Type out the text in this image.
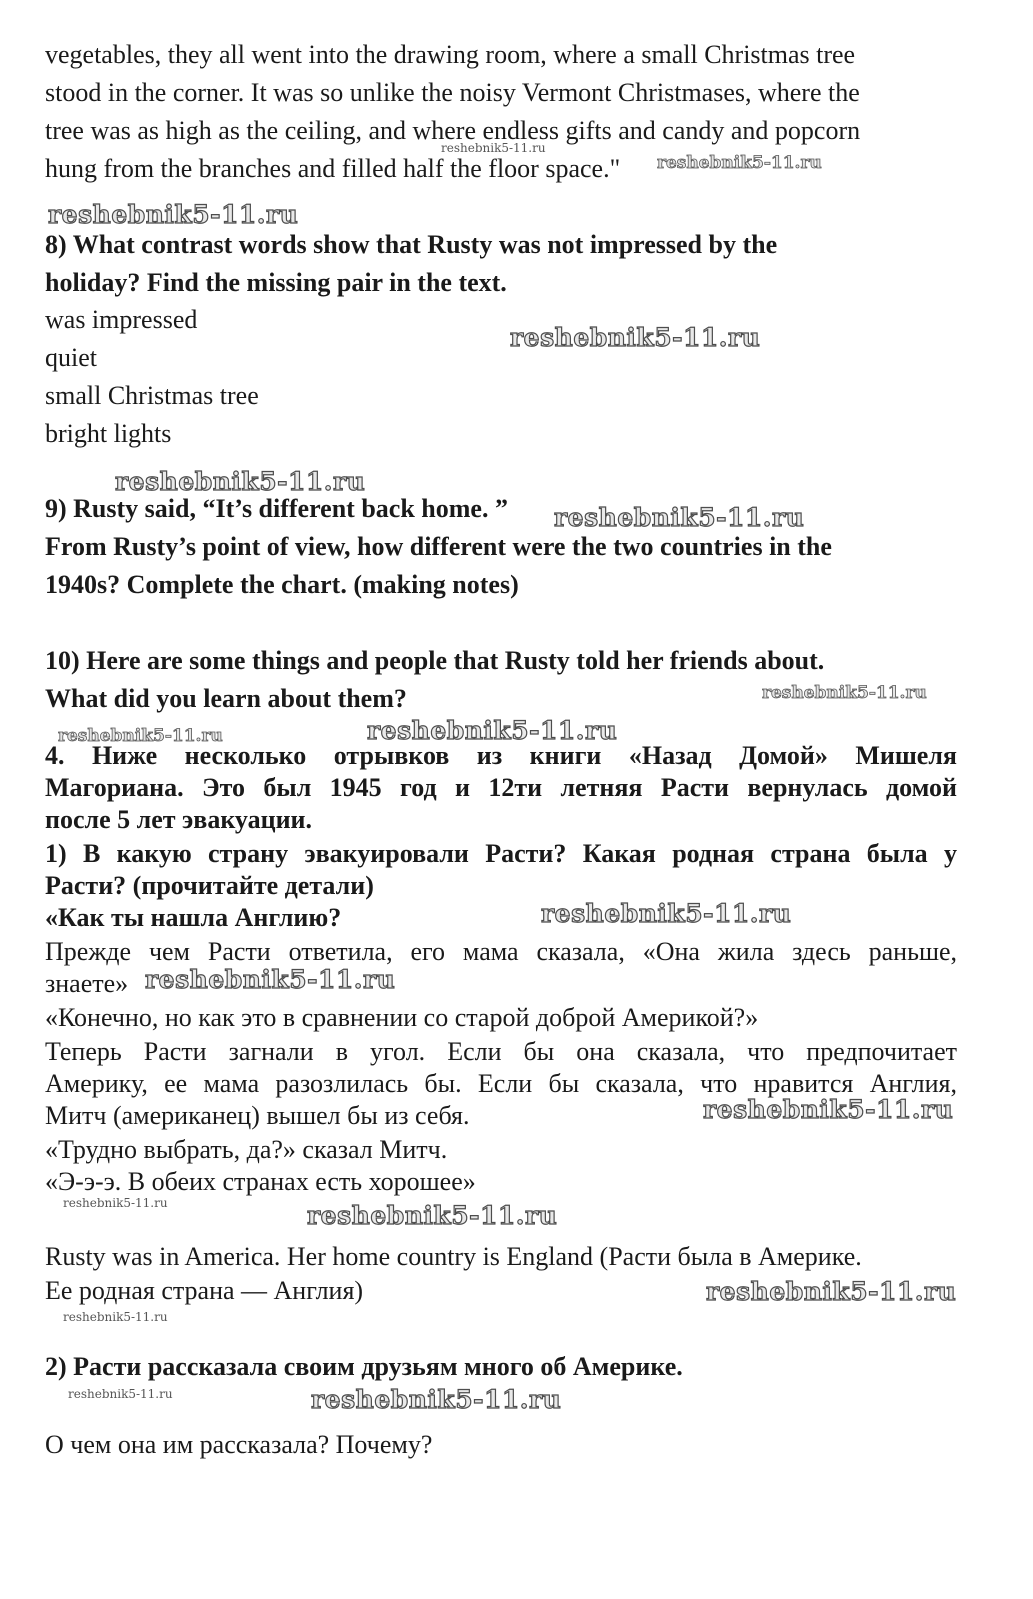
vegetables, they all went into the drawing room, where a small Christmas tree

stood in the corner. It was so unlike the noisy Vermont Christmases, where the

tree was as high as the ceiling, and where endless gifts and candy and popcorn

hung from the branches and filled half the floor space."

8) What contrast words show that Rusty was not impressed by the

holiday? Find the missing pair in the text.

was impressed

quiet

small Christmas tree

bright lights

9) Rusty said, “It’s different back home. ”

From Rusty’s point of view, how different were the two countries in the

1940s? Complete the chart. (making notes)

10) Here are some things and people that Rusty told her friends about.

What did you learn about them?

4. Ниже несколько отрывков из книги «Назад Домой» Мишеля

Магориана. Это был 1945 год и 12ти летняя Расти вернулась домой

после 5 лет эвакуации.

1) В какую страну эвакуировали Расти? Какая родная страна была у

Расти? (прочитайте детали)

«Как ты нашла Англию?

Прежде чем Расти ответила, его мама сказала, «Она жила здесь раньше,

знаете»

«Конечно, но как это в сравнении со старой доброй Америкой?»

Теперь Расти загнали в угол. Если бы она сказала, что предпочитает

Америку, ее мама разозлилась бы. Если бы сказала, что нравится Англия,

Митч (американец) вышел бы из себя.

«Трудно выбрать, да?» сказал Митч.

«Э-э-э. В обеих странах есть хорошее»

Rusty was in America. Her home country is England (Расти была в Америке.

Ее родная страна — Англия)

2) Расти рассказала своим друзьям много об Америке.

О чем она им рассказала? Почему?

reshebnik5-11.ru
reshebnik5-11.ru
reshebnik5-11.ru
reshebnik5-11.ru
reshebnik5-11.ru
reshebnik5-11.ru
reshebnik5-11.ru
reshebnik5-11.ru	reshebnik5-11.ru
reshebnik5-11.ru
reshebnik5-11.ru
reshebnik5-11.ru
reshebnik5-11.ru	reshebnik5-11.ru
reshebnik5-11.ru
reshebnik5-11.ru
reshebnik5-11.ru	reshebnik5-11.ru
